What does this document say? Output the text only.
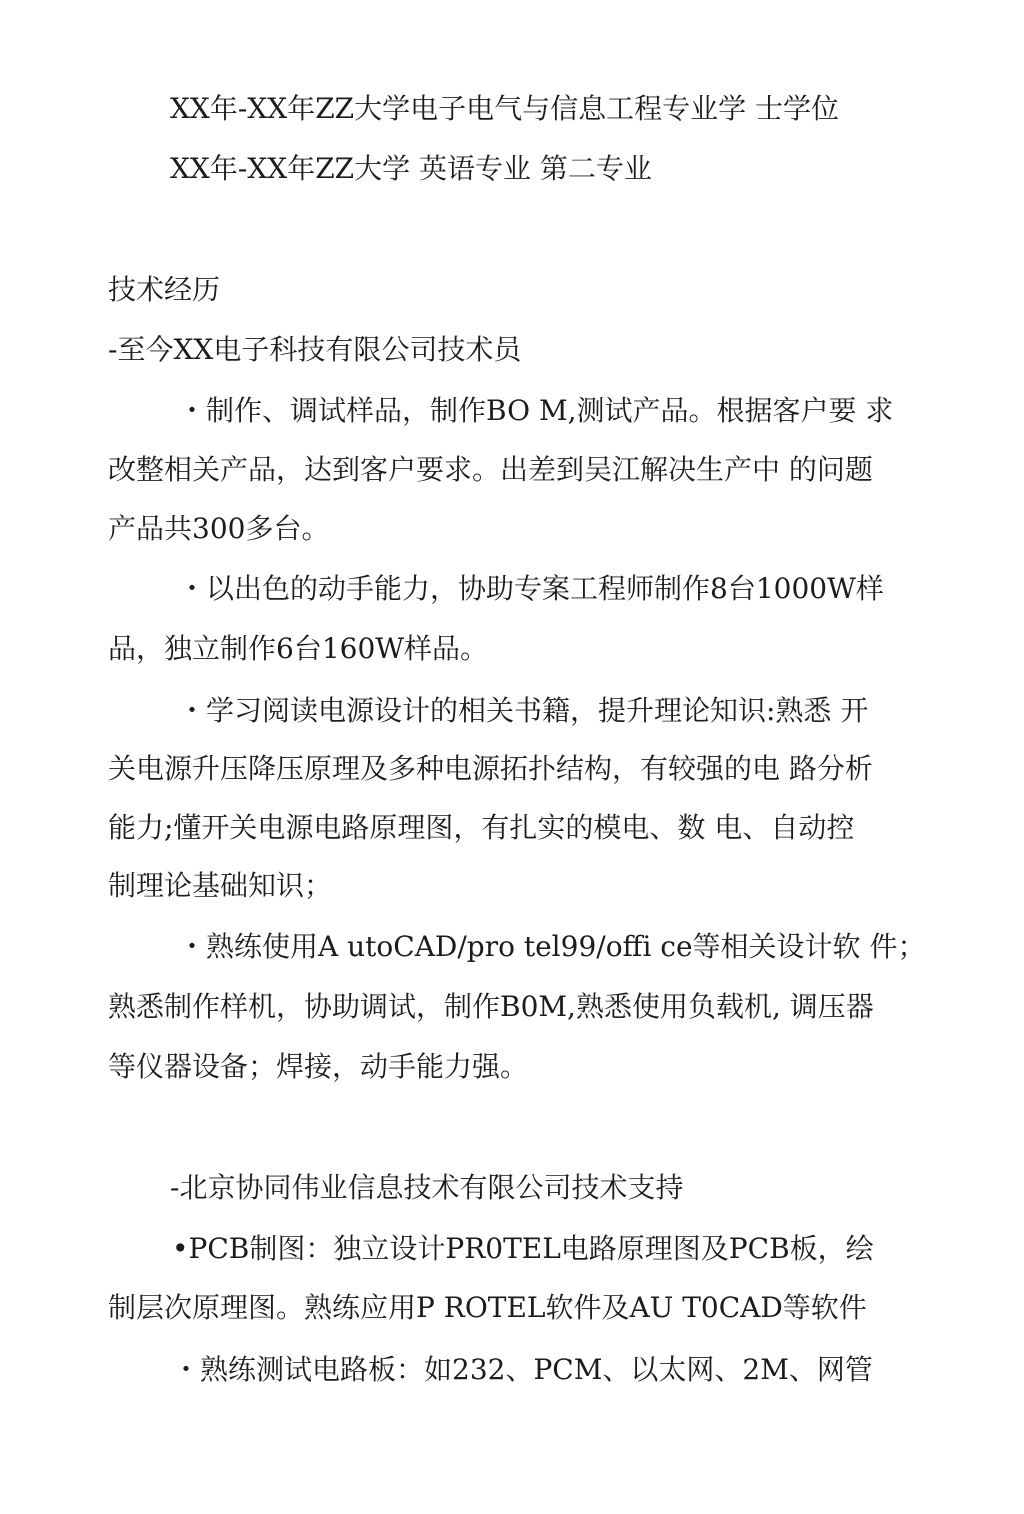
XX年-XX年ZZ大学电子电气与信息工程专业学 士学位

XX年-XX年ZZ大学 英语专业 第二专业

技术经历

-至今XX电子科技有限公司技术员

・制作、调试样品，制作BO M,测试产品。根据客户要 求

改整相关产品，达到客户要求。出差到吴江解决生产中 的问题

产品共300多台。

・以出色的动手能力，协助专案工程师制作8台1000W样

品，独立制作6台160W样品。

・学习阅读电源设计的相关书籍，提升理论知识:熟悉 开

关电源升压降压原理及多种电源拓扑结构，有较强的电 路分析

能力;懂开关电源电路原理图，有扎实的模电、数 电、自动控

制理论基础知识；

・熟练使用A utoCAD/pro tel99/offi ce等相关设计软 件；

熟悉制作样机，协助调试，制作B0M,熟悉使用负载机, 调压器

等仪器设备；焊接，动手能力强。

-北京协同伟业信息技术有限公司技术支持

•PCB制图：独立设计PR0TEL电路原理图及PCB板，绘

制层次原理图。熟练应用P ROTEL软件及AU T0CAD等软件

・熟练测试电路板：如232、PCM、以太网、2M、网管
